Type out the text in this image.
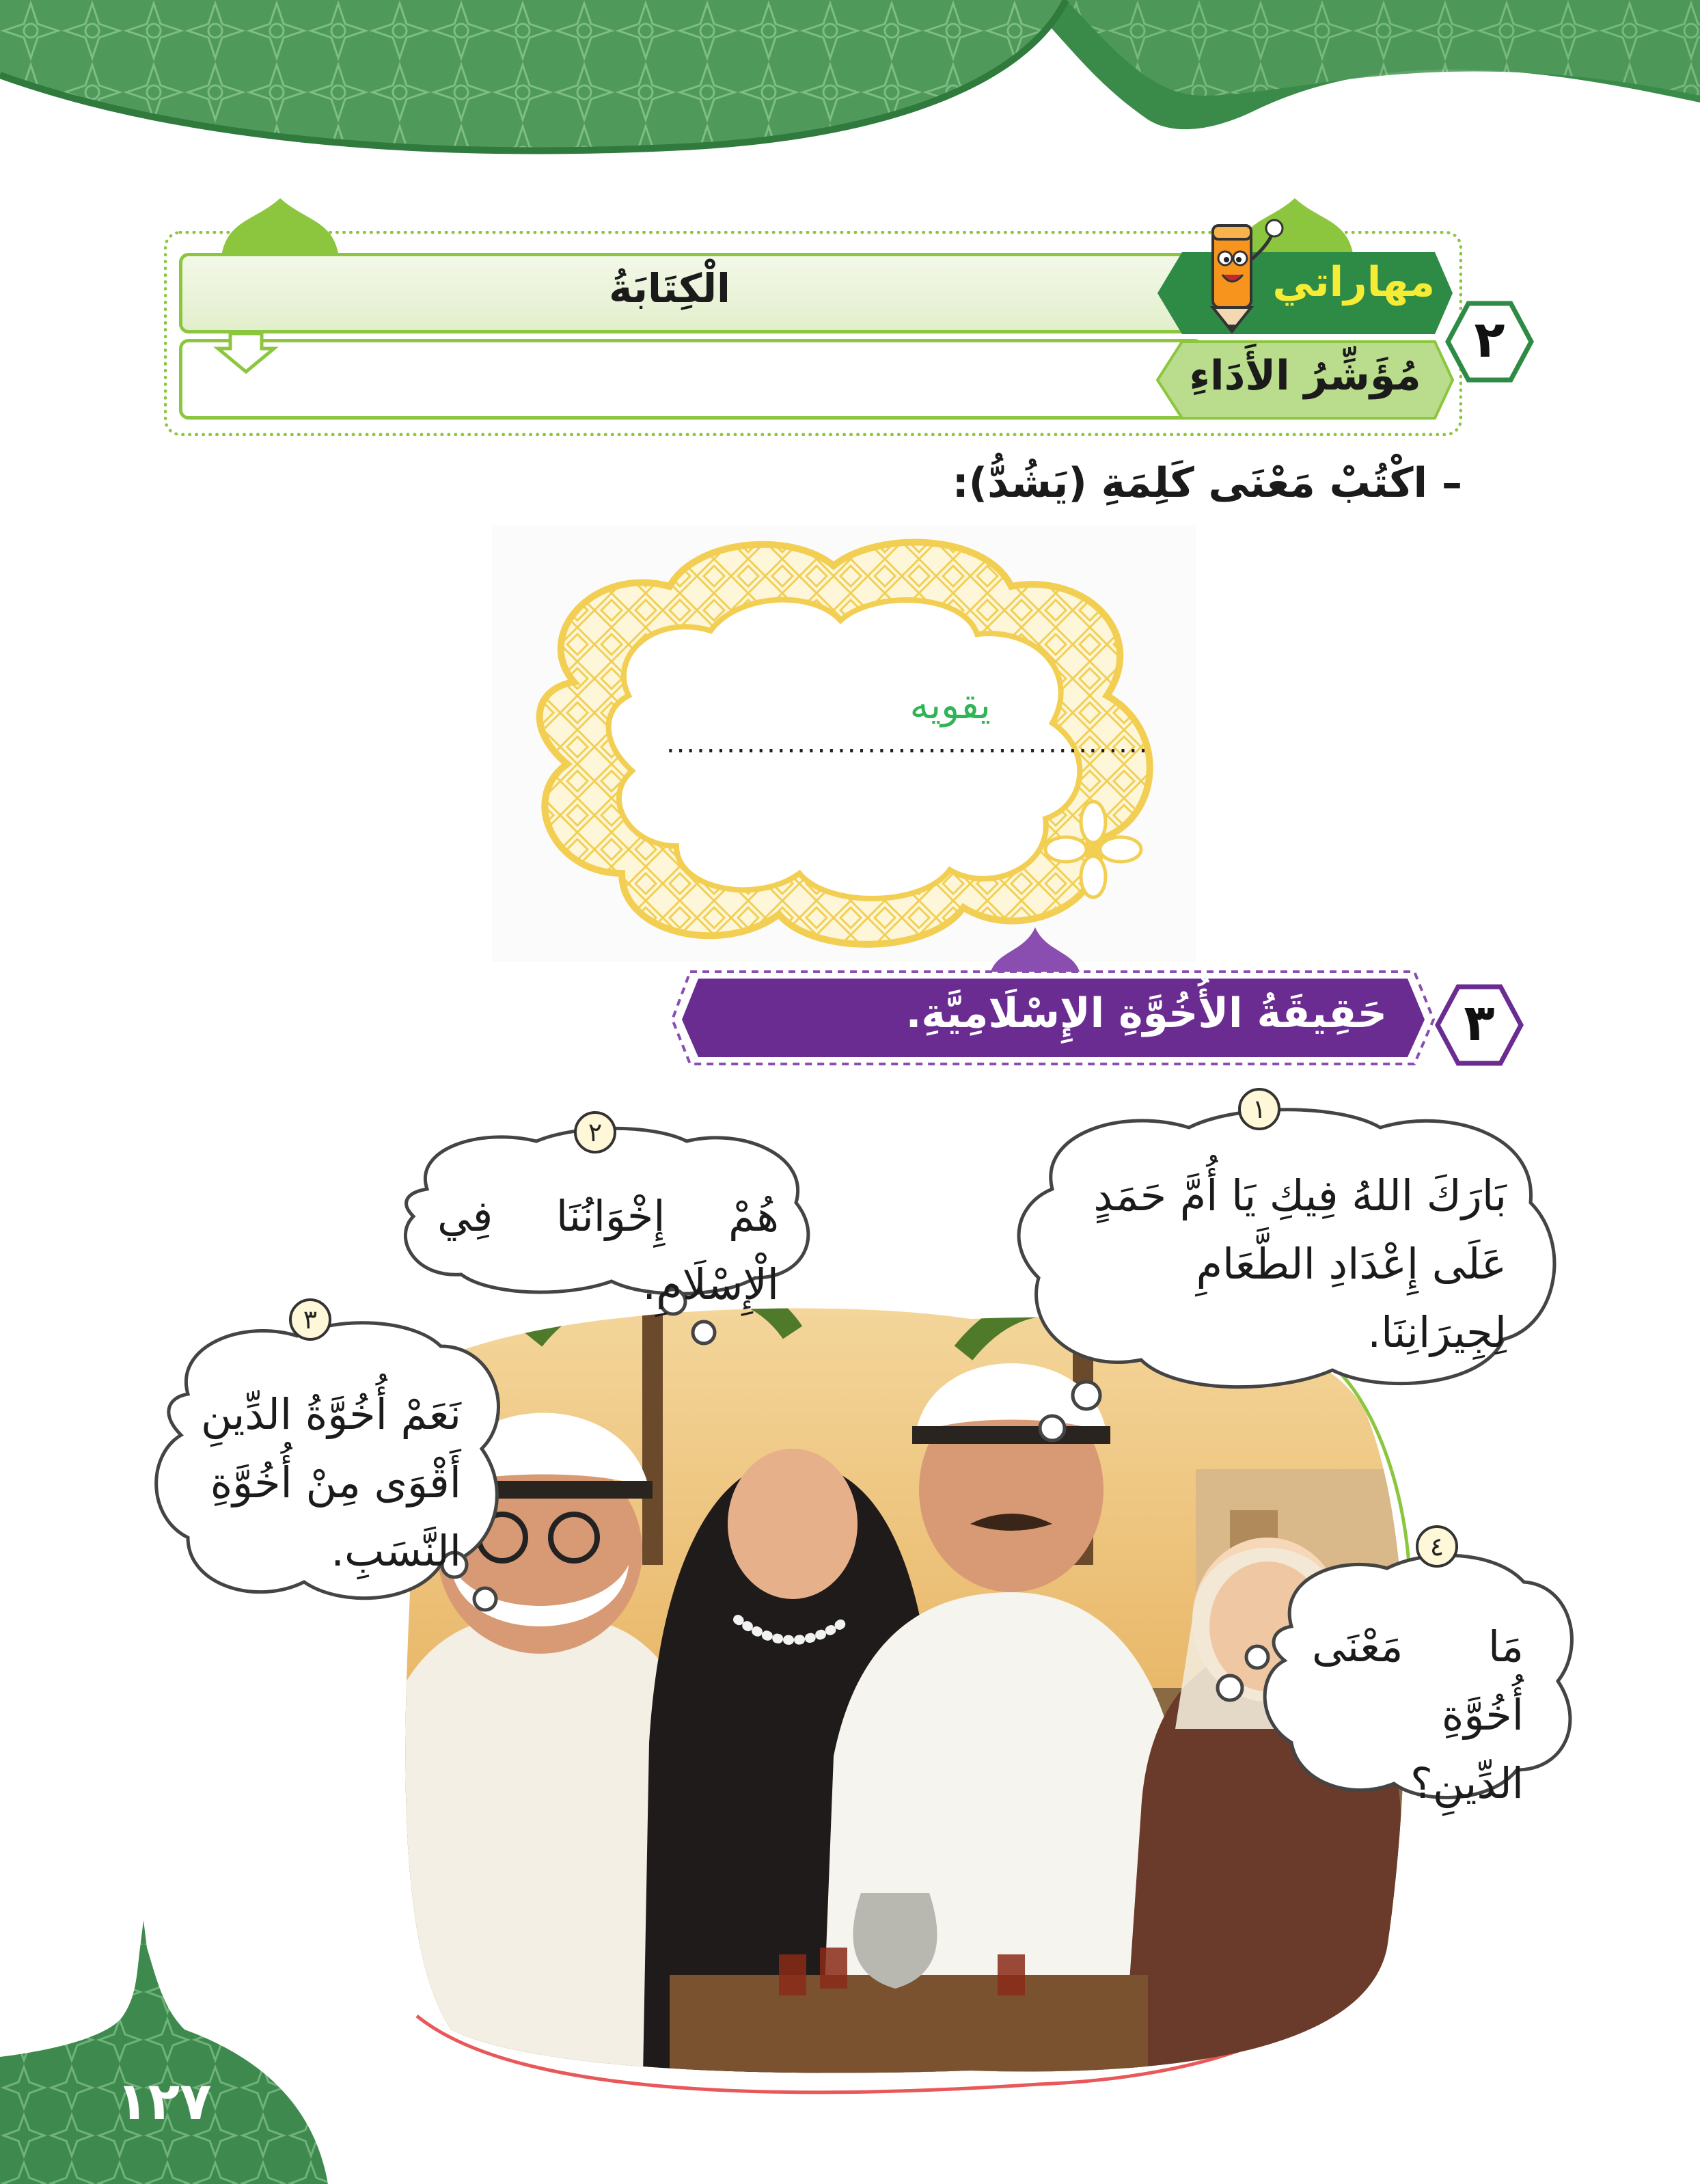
الْكِتَابَةُ	مهاراتي
مُؤَشِّرُ الأَدَاءِ
٢
– اكْتُبْ مَعْنَى كَلِمَةِ (يَشُدُّ):
يقويه
................................................
حَقِيقَةُ الأُخُوَّةِ الإِسْلَامِيَّةِ.	٣
١
بَارَكَ اللهُ فِيكِ يَا أُمَّ حَمَدٍ
عَلَى إِعْدَادِ الطَّعَامِ
لِجِيرَانِنَا.
٢
هُمْ إِخْوَانُنَا فِي الْإِسْلَامِ.
٣
نَعَمْ أُخُوَّةُ الدِّينِ
أَقْوَى مِنْ أُخُوَّةِ
النَّسَبِ.	٤
مَا مَعْنَى أُخُوَّةِ
الدِّينِ؟
١٢٧
